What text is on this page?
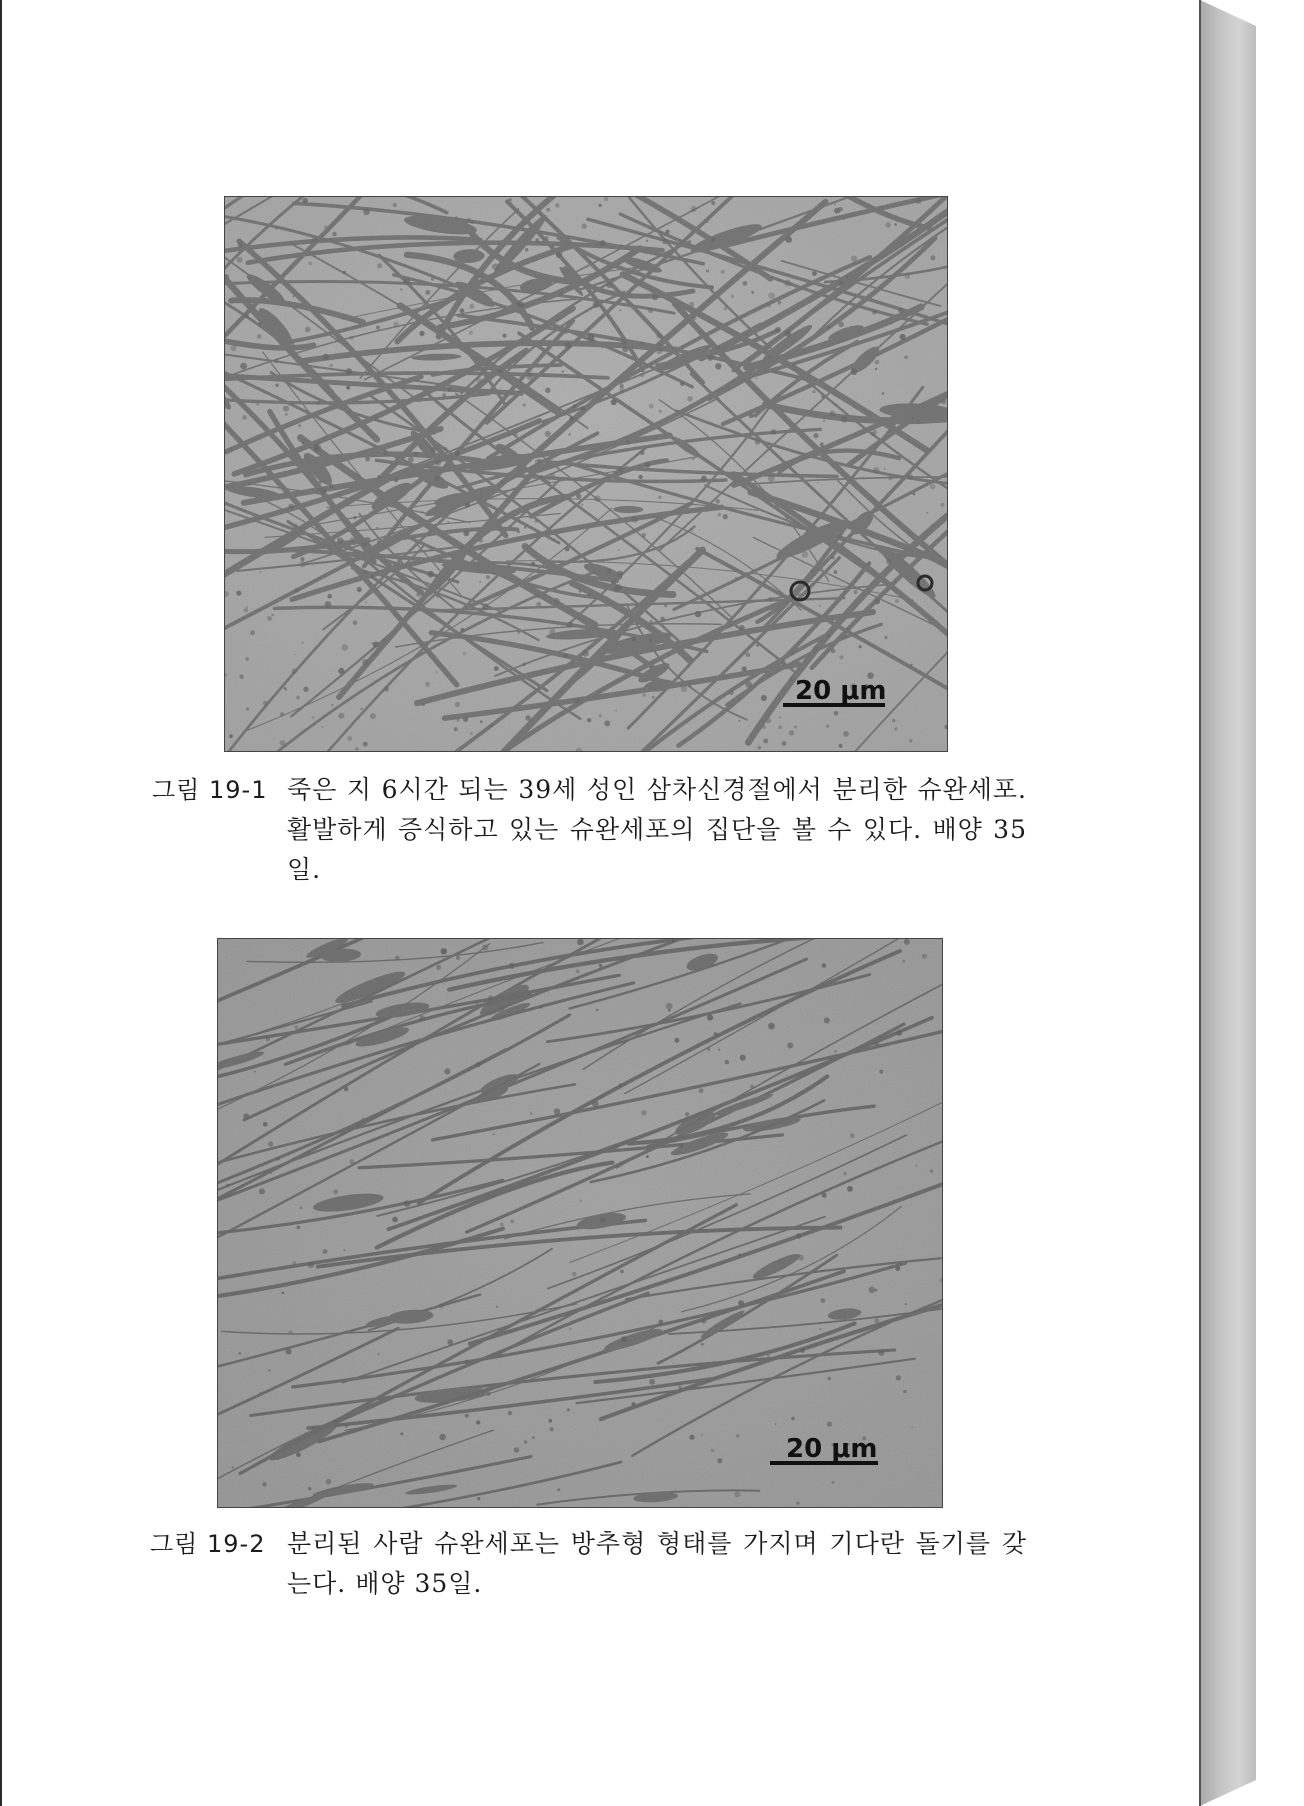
20 μm
그림 19-1 죽은 지 6시간 되는 39세 성인 삼차신경절에서 분리한 슈완세포. 활발하게 증식하고 있는 슈완세포의 집단을 볼 수 있다. 배양 35일.
20 μm
그림 19-2 분리된 사람 슈완세포는 방추형 형태를 가지며 기다란 돌기를 갖는다. 배양 35일.
